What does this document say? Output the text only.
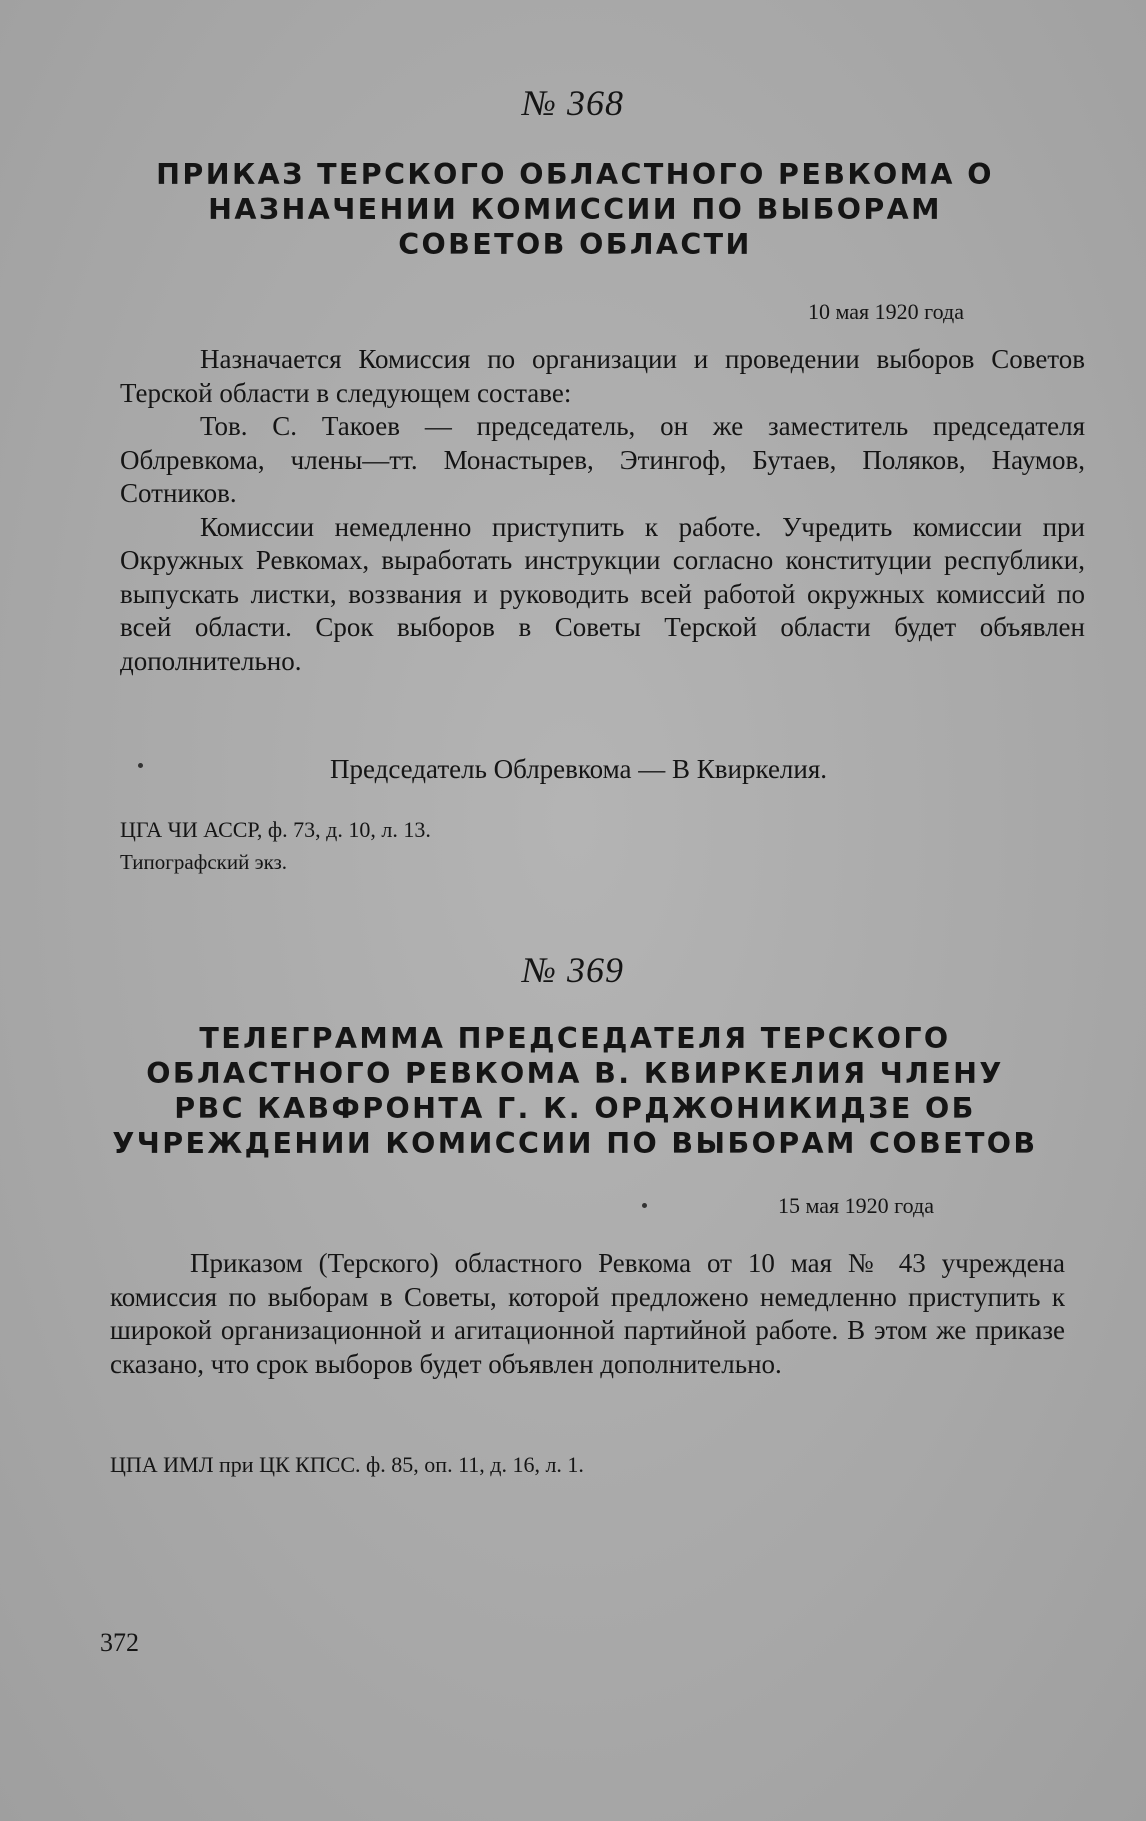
№ 368
ПРИКАЗ ТЕРСКОГО ОБЛАСТНОГО РЕВКОМА О
НАЗНАЧЕНИИ КОМИССИИ ПО ВЫБОРАМ
СОВЕТОВ ОБЛАСТИ
10 мая 1920 года

Назначается Комиссия по организации и проведении выборов Советов Терской области в следующем составе:

Тов. С. Такоев — председатель, он же заместитель председателя Облревкома, члены—тт. Монастырев, Этингоф, Бутаев, Поляков, Наумов, Сотников.

Комиссии немедленно приступить к работе. Учредить комиссии при Окружных Ревкомах, выработать инструкции согласно конституции республики, выпускать листки, воззвания и руководить всей работой окружных комиссий по всей области. Срок выборов в Советы Терской области будет объявлен дополнительно.

Председатель Облревкома — В Квиркелия.
ЦГА ЧИ АССР, ф. 73, д. 10, л. 13.
Типографский экз.
№ 369
ТЕЛЕГРАММА ПРЕДСЕДАТЕЛЯ ТЕРСКОГО
ОБЛАСТНОГО РЕВКОМА В. КВИРКЕЛИЯ ЧЛЕНУ
РВС КАВФРОНТА Г. К. ОРДЖОНИКИДЗЕ ОБ
УЧРЕЖДЕНИИ КОМИССИИ ПО ВЫБОРАМ СОВЕТОВ
15 мая 1920 года

Приказом (Терского) областного Ревкома от 10 мая № 43 учреждена комиссия по выборам в Советы, которой предложено немедленно приступить к широкой организационной и агитационной партийной работе. В этом же приказе сказано, что срок выборов будет объявлен дополнительно.

ЦПА ИМЛ при ЦК КПСС. ф. 85, оп. 11, д. 16, л. 1.
372
